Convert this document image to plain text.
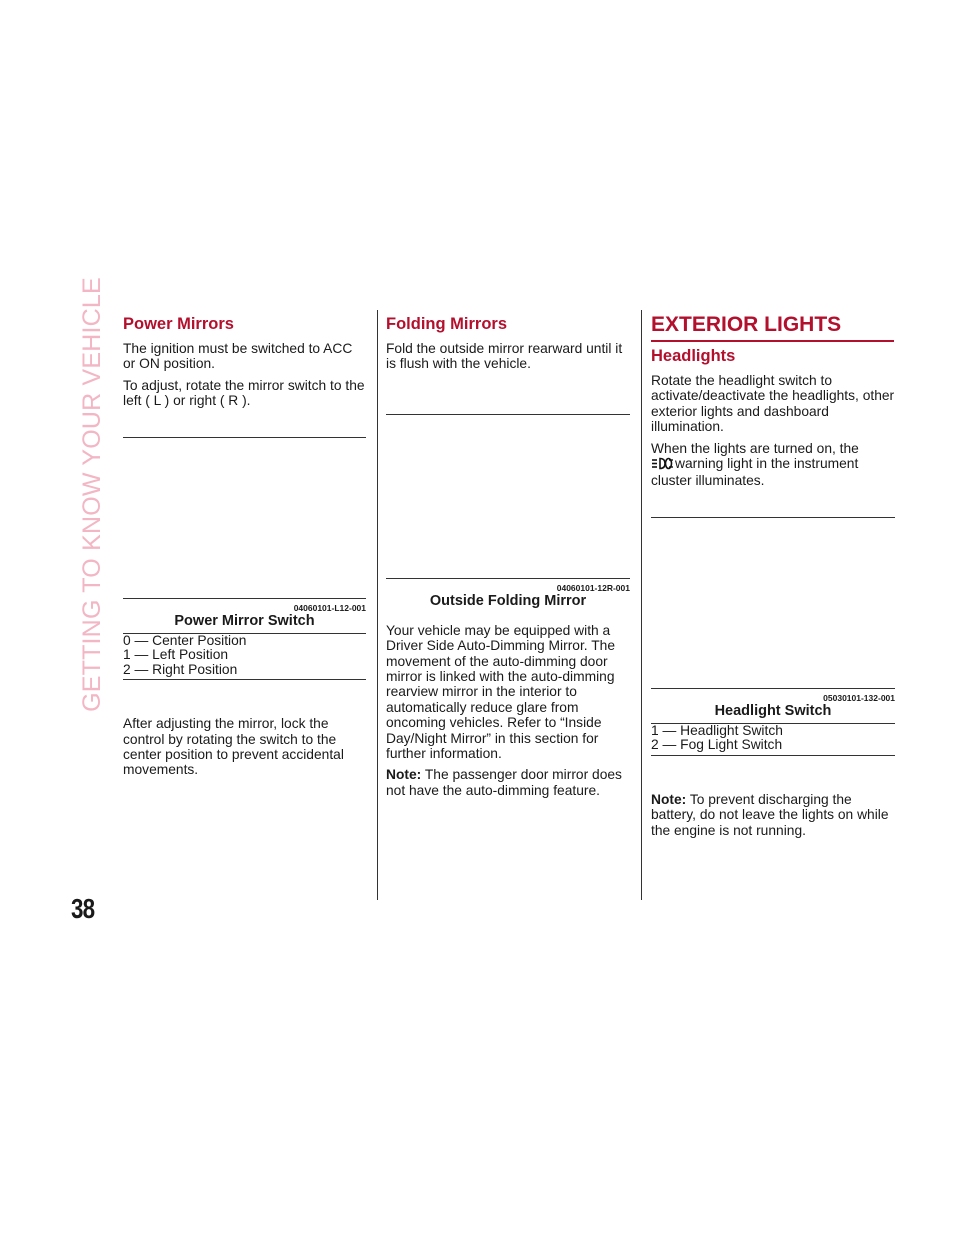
GETTING TO KNOW YOUR VEHICLE
38
Power Mirrors

The ignition must be switched to ACC or ON position.

To adjust, rotate the mirror switch to the left ( L ) or right ( R ).

04060101-L12-001
Power Mirror Switch
0 — Center Position
1 — Left Position
2 — Right Position

After adjusting the mirror, lock the control by rotating the switch to the center position to prevent accidental movements.

Folding Mirrors

Fold the outside mirror rearward until it is flush with the vehicle.

04060101-12R-001
Outside Folding Mirror

Your vehicle may be equipped with a Driver Side Auto-Dimming Mirror. The movement of the auto-dimming door mirror is linked with the auto-dimming rearview mirror in the interior to automatically reduce glare from oncoming vehicles. Refer to “Inside Day/Night Mirror” in this section for further information.

Note: The passenger door mirror does not have the auto-dimming feature.

EXTERIOR LIGHTS
Headlights

Rotate the headlight switch to activate/deactivate the headlights, other exterior lights and dashboard illumination.

When the lights are turned on, the
warning light in the instrument cluster illuminates.

05030101-132-001
Headlight Switch
1 — Headlight Switch
2 — Fog Light Switch

Note: To prevent discharging the battery, do not leave the lights on while the engine is not running.
